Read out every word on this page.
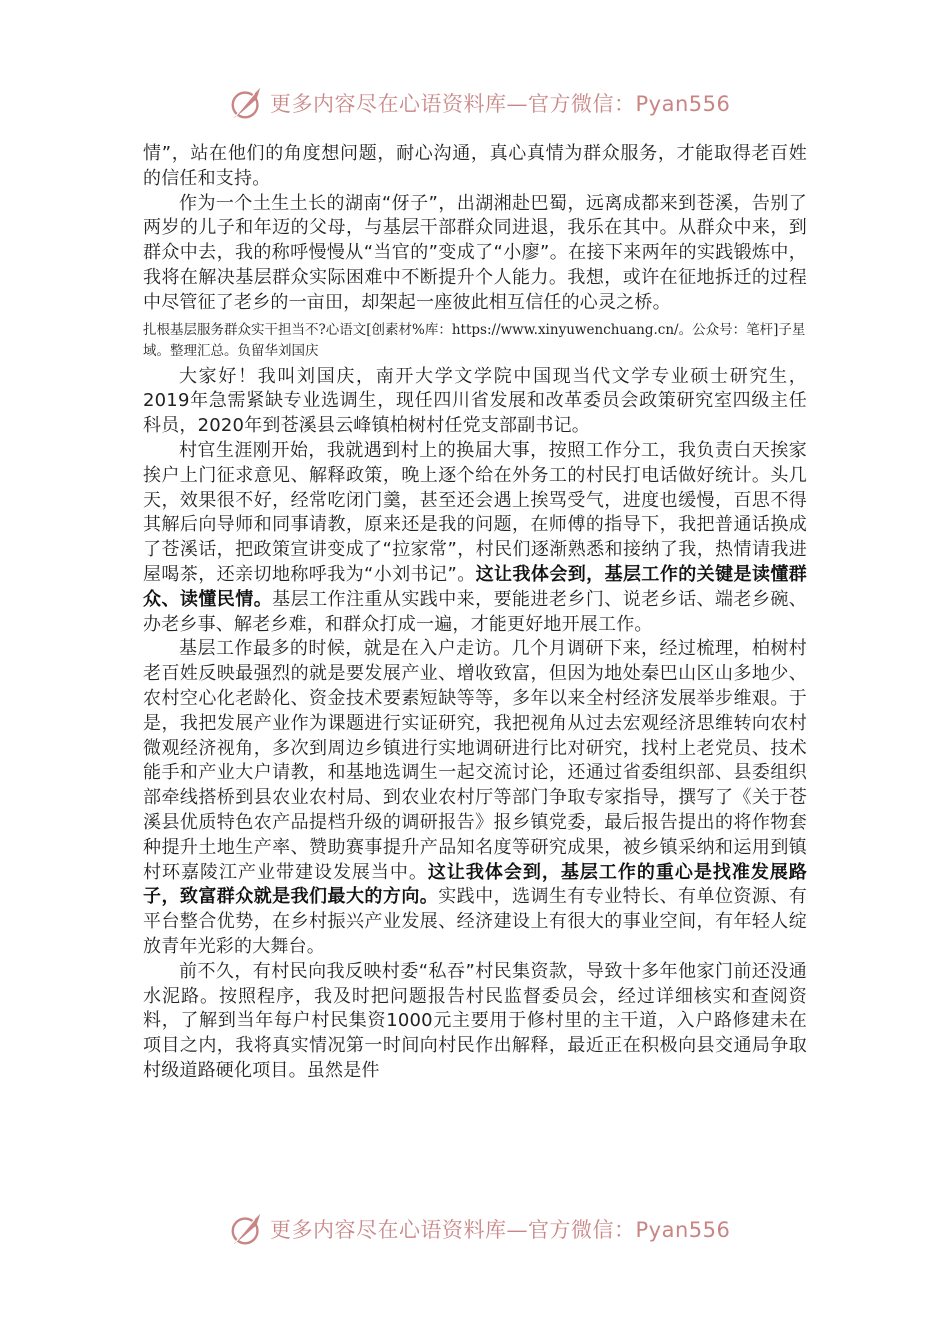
更多内容尽在心语资料库—官方微信：Pyan556

情”，站在他们的角度想问题，耐心沟通，真心真情为群众服务，才能取得老百姓的信任和支持。

作为一个土生土长的湖南“伢子”，出湖湘赴巴蜀，远离成都来到苍溪，告别了两岁的儿子和年迈的父母，与基层干部群众同进退，我乐在其中。从群众中来，到群众中去，我的称呼慢慢从“当官的”变成了“小廖”。在接下来两年的实践锻炼中，我将在解决基层群众实际困难中不断提升个人能力。我想，或许在征地拆迁的过程中尽管征了老乡的一亩田，却架起一座彼此相互信任的心灵之桥。

扎根基层服务群众实干担当不?心语文[创素材%库：https://www.xinyuwenchuang.cn/。公众号：笔杆]子星域。整理汇总。负留华刘国庆

大家好！我叫刘国庆，南开大学文学院中国现当代文学专业硕士研究生，2019年急需紧缺专业选调生，现任四川省发展和改革委员会政策研究室四级主任科员，2020年到苍溪县云峰镇柏树村任党支部副书记。

村官生涯刚开始，我就遇到村上的换届大事，按照工作分工，我负责白天挨家挨户上门征求意见、解释政策，晚上逐个给在外务工的村民打电话做好统计。头几天，效果很不好，经常吃闭门羹，甚至还会遇上挨骂受气，进度也缓慢，百思不得其解后向导师和同事请教，原来还是我的问题，在师傅的指导下，我把普通话换成了苍溪话，把政策宣讲变成了“拉家常”，村民们逐渐熟悉和接纳了我，热情请我进屋喝茶，还亲切地称呼我为“小刘书记”。这让我体会到，基层工作的关键是读懂群众、读懂民情。基层工作注重从实践中来，要能进老乡门、说老乡话、端老乡碗、办老乡事、解老乡难，和群众打成一遍，才能更好地开展工作。

基层工作最多的时候，就是在入户走访。几个月调研下来，经过梳理，柏树村老百姓反映最强烈的就是要发展产业、增收致富，但因为地处秦巴山区山多地少、农村空心化老龄化、资金技术要素短缺等等，多年以来全村经济发展举步维艰。于是，我把发展产业作为课题进行实证研究，我把视角从过去宏观经济思维转向农村微观经济视角，多次到周边乡镇进行实地调研进行比对研究，找村上老党员、技术能手和产业大户请教，和基地选调生一起交流讨论，还通过省委组织部、县委组织部牵线搭桥到县农业农村局、到农业农村厅等部门争取专家指导，撰写了《关于苍溪县优质特色农产品提档升级的调研报告》报乡镇党委，最后报告提出的将作物套种提升土地生产率、赞助赛事提升产品知名度等研究成果，被乡镇采纳和运用到镇村环嘉陵江产业带建设发展当中。这让我体会到，基层工作的重心是找准发展路子，致富群众就是我们最大的方向。实践中，选调生有专业特长、有单位资源、有平台整合优势，在乡村振兴产业发展、经济建设上有很大的事业空间，有年轻人绽放青年光彩的大舞台。

前不久，有村民向我反映村委“私吞”村民集资款，导致十多年他家门前还没通水泥路。按照程序，我及时把问题报告村民监督委员会，经过详细核实和查阅资料，了解到当年每户村民集资1000元主要用于修村里的主干道，入户路修建未在项目之内，我将真实情况第一时间向村民作出解释，最近正在积极向县交通局争取村级道路硬化项目。虽然是件

更多内容尽在心语资料库—官方微信：Pyan556
